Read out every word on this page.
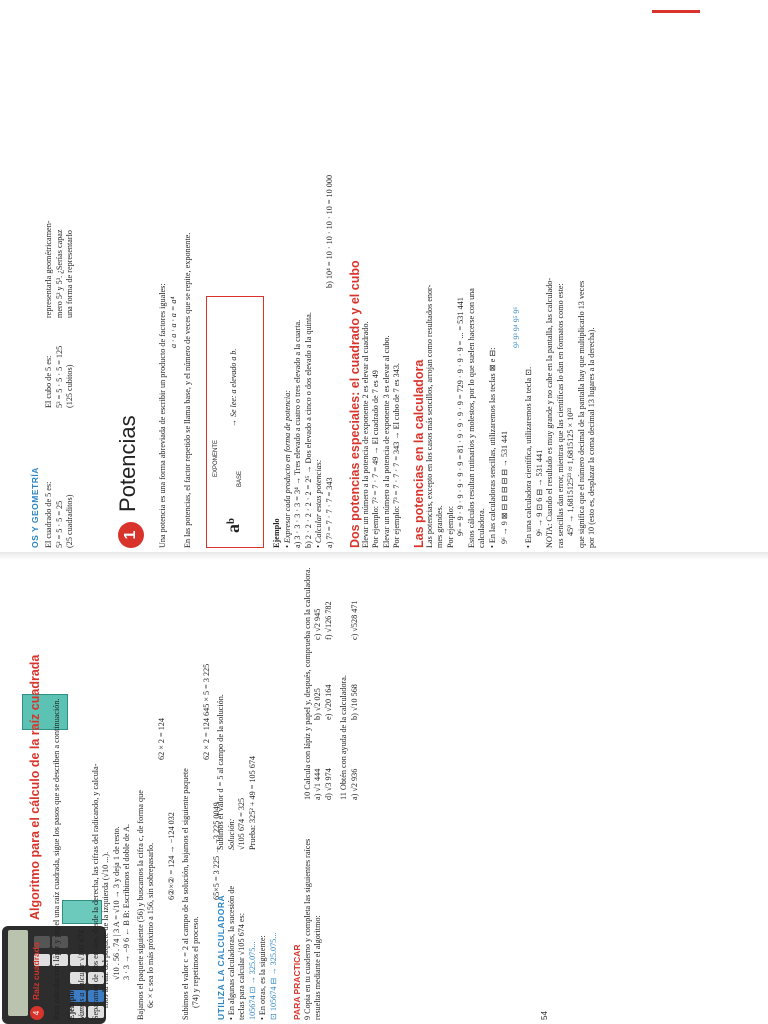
OS Y GEOMETRÍA El cuadrado de 5 es: 5² = 5 · 5 = 25 (25 cuadraditos)
El cubo de 5 es: 5³ = 5 · 5 · 5 = 125 (125 cubitos)
representarla geométricamen- mero 5² y 5³. ¿Serías capaz una forma de representarlo
1 Potencias	Una potencia es una forma abreviada de escribir un producto de factores iguales: a · a · a · a = a⁴ En las potencias, el factor repetido se llama base, y el número de veces que se repite, exponente.	EXPONENTE
aᵇ
BASE
→ Se lee: a elevado a b.
Ejemplo • Expresar cada producto en forma de potencia: a) 3 · 3 · 3 · 3 = 3⁴ → Tres elevado a cuatro o tres elevado a la cuarta. b) 2 · 2 · 2 · 2 · 2 = 2⁵ → Dos elevado a cinco o dos elevado a la quinta. • Calcular estas potencias: a) 7³ = 7 · 7 · 7 = 343
b) 10⁴ = 10 · 10 · 10 · 10 = 10 000
Dos potencias especiales: el cuadrado y el cubo
Elevar un número a la potencia de exponente 2 es elevar al cuadrado. Por ejemplo: 7² = 7 · 7 = 49 → El cuadrado de 7 es 49 Elevar un número a la potencia de exponente 3 es elevar al cubo. Por ejemplo: 7³ = 7 · 7 · 7 = 343 → El cubo de 7 es 343. Las potencias en la calculadora
Las potencias, excepto en los casos más sencillos, arrojan como resultados enor- mes grandes. Por ejemplo: 9⁶ = 9 · 9 · 9 · 9 · 9 · 9 = 81 · 9 · 9 · 9 · 9 = 729 · 9 · 9 · 9 = ... = 531 441 Estos cálculos resultan rutinarios y molestos, por lo que suelen hacerse con una calculadora. • En las calculadoras sencillas, utilizaremos las teclas ⊠ e ⊟: 9⁶ → 9 ⊠ ⊟ ⊟ ⊟ ⊟ ⊟ → 531 441
9² 9³ 9⁴ 9⁵ 9⁶
• En una calculadora científica, utilizaremos la tecla ⊡. 9⁶ → 9 ⊡ 6 ⊟ → 531 441 NOTA: Cuando el resultado es muy grande y no cabe en la pantalla, las calculado- ras sencillas dan error, mientras que las científicas lo dan en formatos como este: 45⁹ → 1,6815125²³ ≈ 1,6815125 × 10²³ que significa que el número decimal de la pantalla hay que multiplicarlo 13 veces por 10 (esto es, desplazar la coma decimal 13 lugares a la derecha).
4 Raíz cuadrada
Algoritmo para el cálculo de la raíz cuadrada Para calcular con lápiz y papel una raíz cuadrada, sigue los pasos que se describen a continuación. Ejemplo Vamos a calcular √105 674 : Separamos de dos en dos, desde la derecha, las cifras del radicando, y calcula- mos la raíz del paquete de la izquierda (√10 ...). √10 . 56 . 74 | 3 A = √10 → 3 y deja 1 de resto. 3 · 3 → −9 6 ← B B: Escribimos el doble de A. Bajamos el paquete siguiente (56) y buscamos la cifra c, de forma que 6c × c sea lo más próximo a 156, sin sobrepasarlo.
62 × 2 = 124
6②×② = 124 → −124 032 Subimos el valor c = 2 al campo de la solución, bajamos el siguiente paquete (74) y repetimos el proceso.
62 × 2 = 124 645 × 5 = 3 225
65×5 = 3 225 → −3 225 0049
UTILIZA LA CALCULADORA • En algunas calculadoras, la sucesión de teclas para calcular √105 674 es: 105674 ⊡ → 325.075... • En otras, es la siguiente: ⊡ 105674 ⊟ → 325.075...
Subimos el valor d = 5 al campo de la solución. Solución: √105 674 = 325 Prueba: 325² + 49 = 105 674
PARA PRACTICAR 9 Copia en tu cuaderno y completa las siguientes raíces resueltas mediante el algoritmo:
10 Calcula con lápiz y papel y, después, comprueba con la calculadora. a) √1 444
b) √2 025
c) √2 945
d) √3 974
e) √20 164
f) √126 782
11 Obtén con ayuda de la calculadora. a) √2 936
b) √10 568
c) √528 471
54
